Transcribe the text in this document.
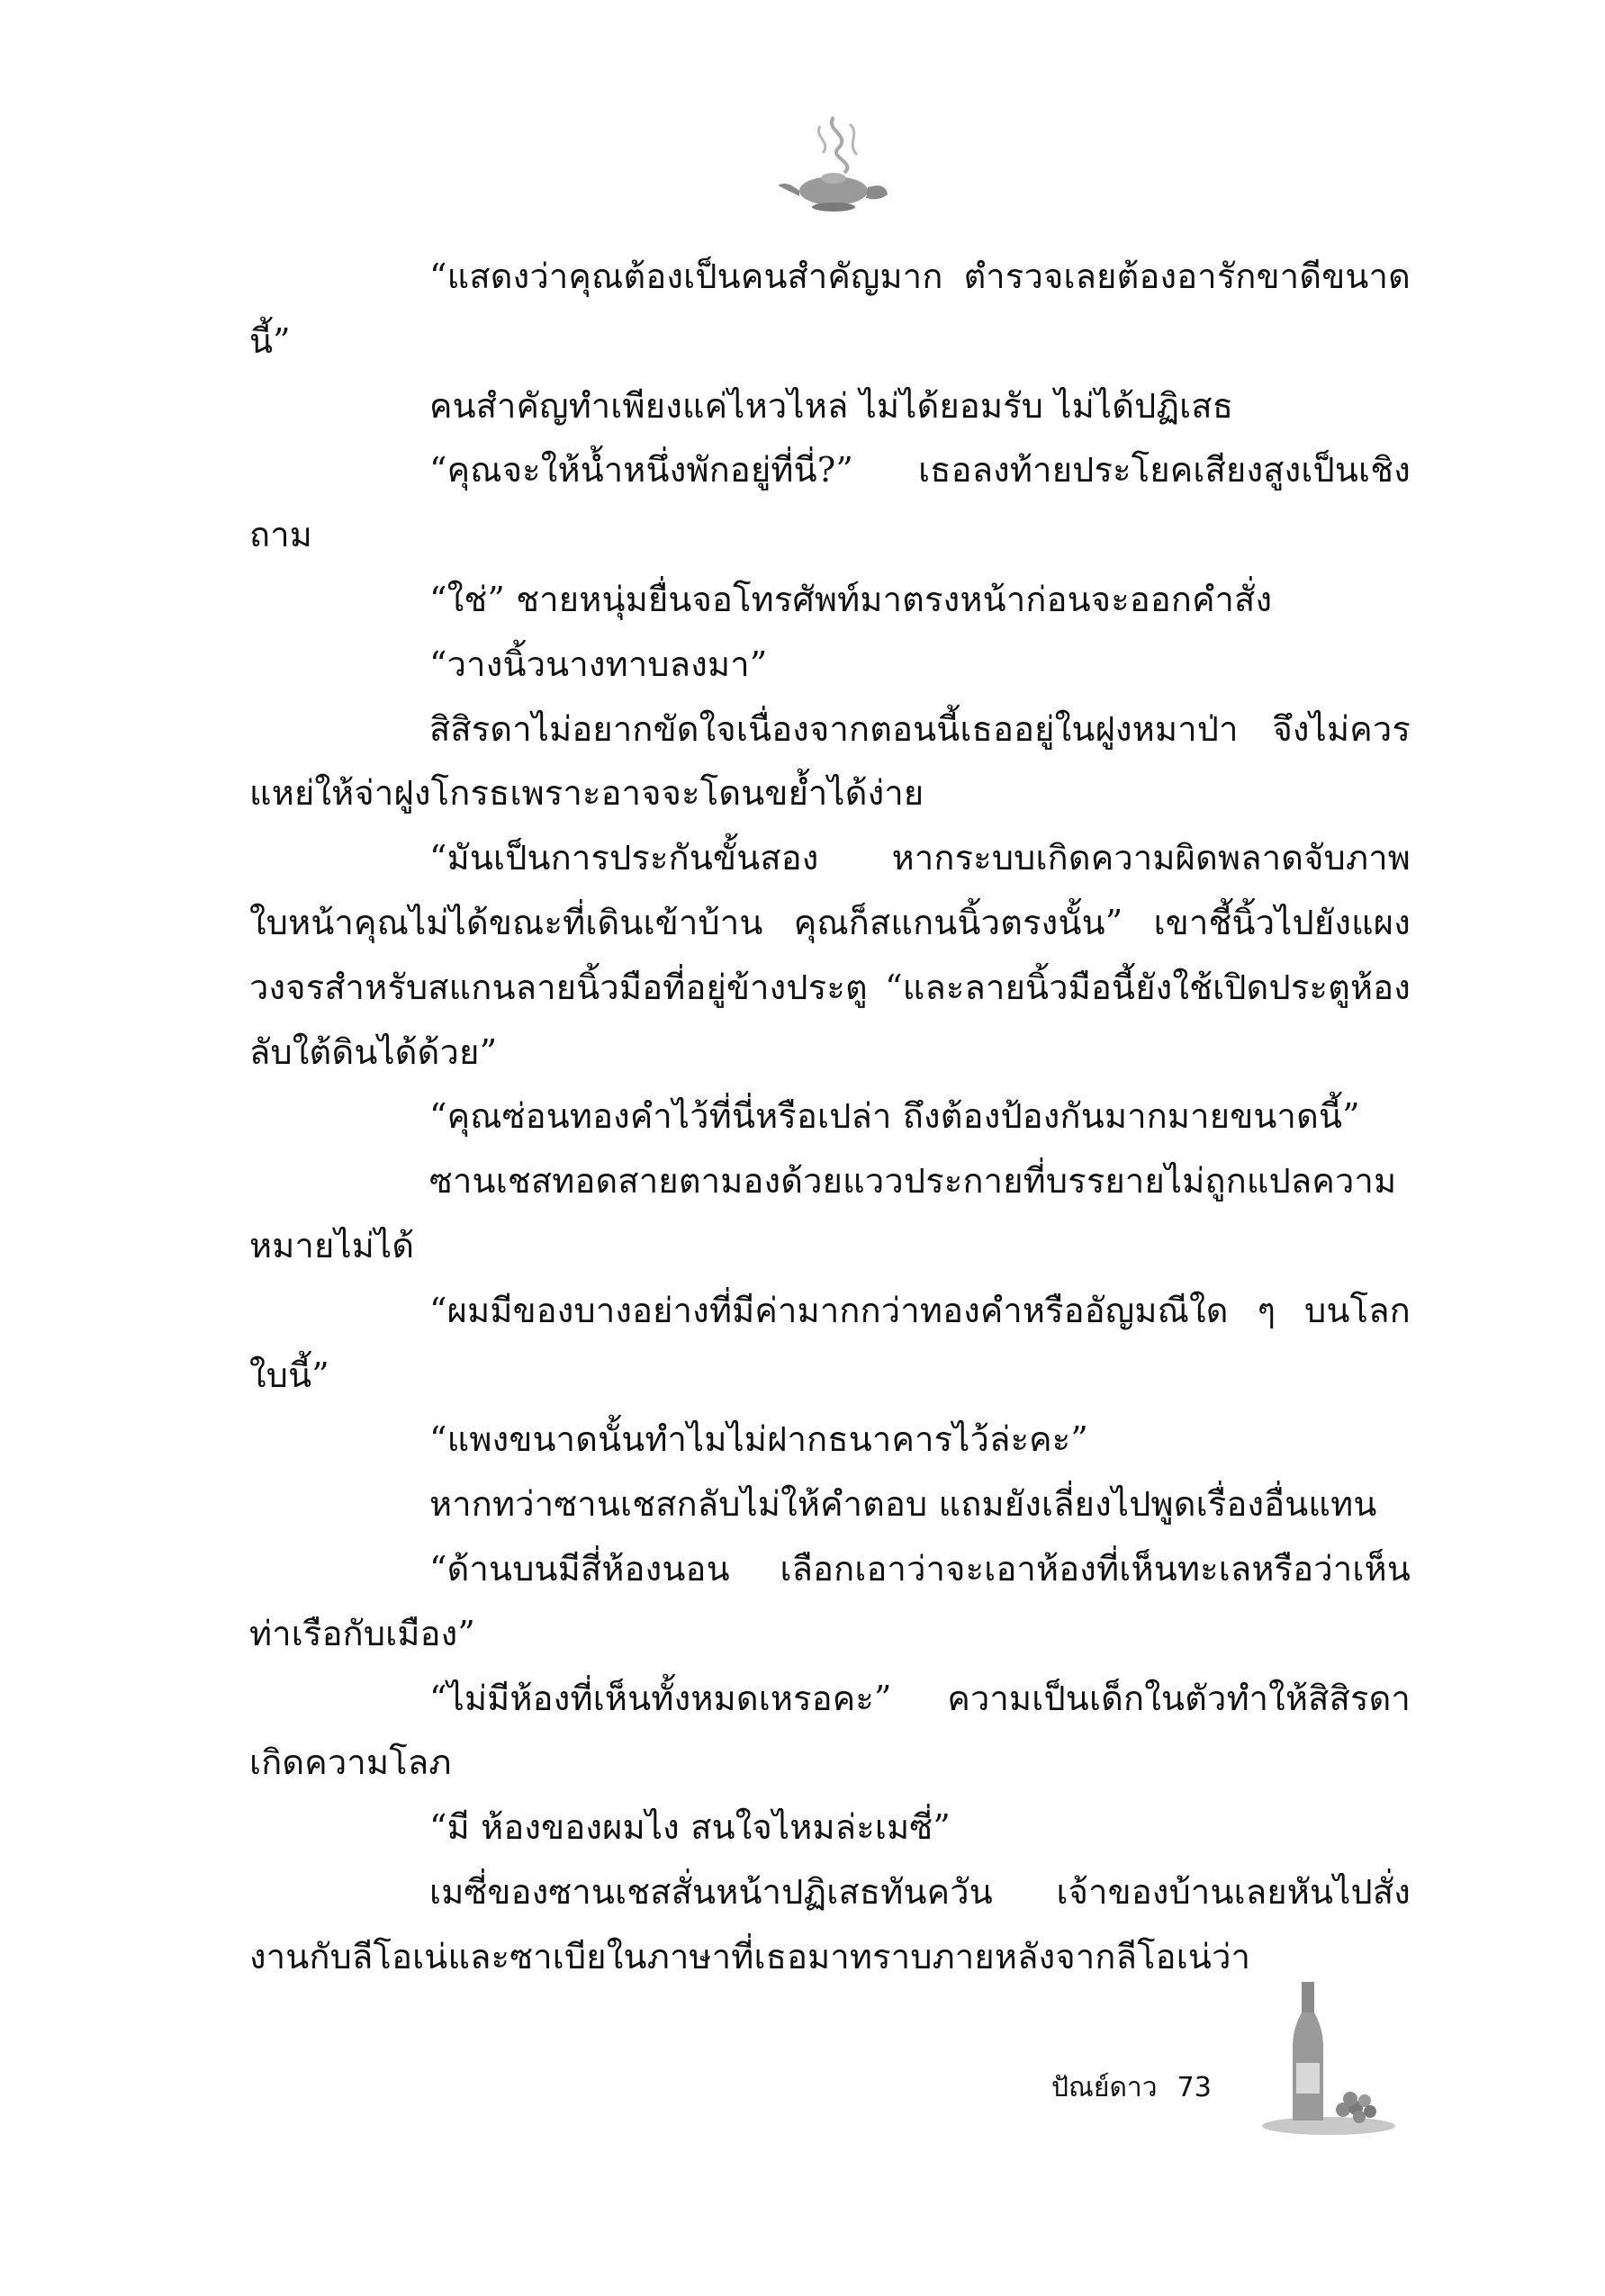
“แสดงว่าคุณต้องเป็นคนสำคัญมาก ตำรวจเลยต้องอารักขาดีขนาดนี้”

คนสำคัญทำเพียงแค่ไหวไหล่ ไม่ได้ยอมรับ ไม่ได้ปฏิเสธ

“คุณจะให้น้ำหนึ่งพักอยู่ที่นี่?” เธอลงท้ายประโยคเสียงสูงเป็นเชิงถาม

“ใช่” ชายหนุ่มยื่นจอโทรศัพท์มาตรงหน้าก่อนจะออกคำสั่ง

“วางนิ้วนางทาบลงมา”

สิสิรดาไม่อยากขัดใจเนื่องจากตอนนี้เธออยู่ในฝูงหมาป่า จึงไม่ควรแหย่ให้จ่าฝูงโกรธเพราะอาจจะโดนขย้ำได้ง่าย

“มันเป็นการประกันขั้นสอง หากระบบเกิดความผิดพลาดจับภาพใบหน้าคุณไม่ได้ขณะที่เดินเข้าบ้าน คุณก็สแกนนิ้วตรงนั้น” เขาชี้นิ้วไปยังแผงวงจรสำหรับสแกนลายนิ้วมือที่อยู่ข้างประตู “และลายนิ้วมือนี้ยังใช้เปิดประตูห้องลับใต้ดินได้ด้วย”

“คุณซ่อนทองคำไว้ที่นี่หรือเปล่า ถึงต้องป้องกันมากมายขนาดนี้”

ซานเชสทอดสายตามองด้วยแววประกายที่บรรยายไม่ถูกแปลความหมายไม่ได้

“ผมมีของบางอย่างที่มีค่ามากกว่าทองคำหรืออัญมณีใด ๆ บนโลกใบนี้”

“แพงขนาดนั้นทำไมไม่ฝากธนาคารไว้ล่ะคะ”

หากทว่าซานเชสกลับไม่ให้คำตอบ แถมยังเลี่ยงไปพูดเรื่องอื่นแทน

“ด้านบนมีสี่ห้องนอน เลือกเอาว่าจะเอาห้องที่เห็นทะเลหรือว่าเห็นท่าเรือกับเมือง”

“ไม่มีห้องที่เห็นทั้งหมดเหรอคะ” ความเป็นเด็กในตัวทำให้สิสิรดาเกิดความโลภ

“มี ห้องของผมไง สนใจไหมล่ะเมซี่”

เมซี่ของซานเชสสั่นหน้าปฏิเสธทันควัน เจ้าของบ้านเลยหันไปสั่งงานกับลีโอเน่และซาเบียในภาษาที่เธอมาทราบภายหลังจากลีโอเน่ว่า

ปัณย์ดาว 73
